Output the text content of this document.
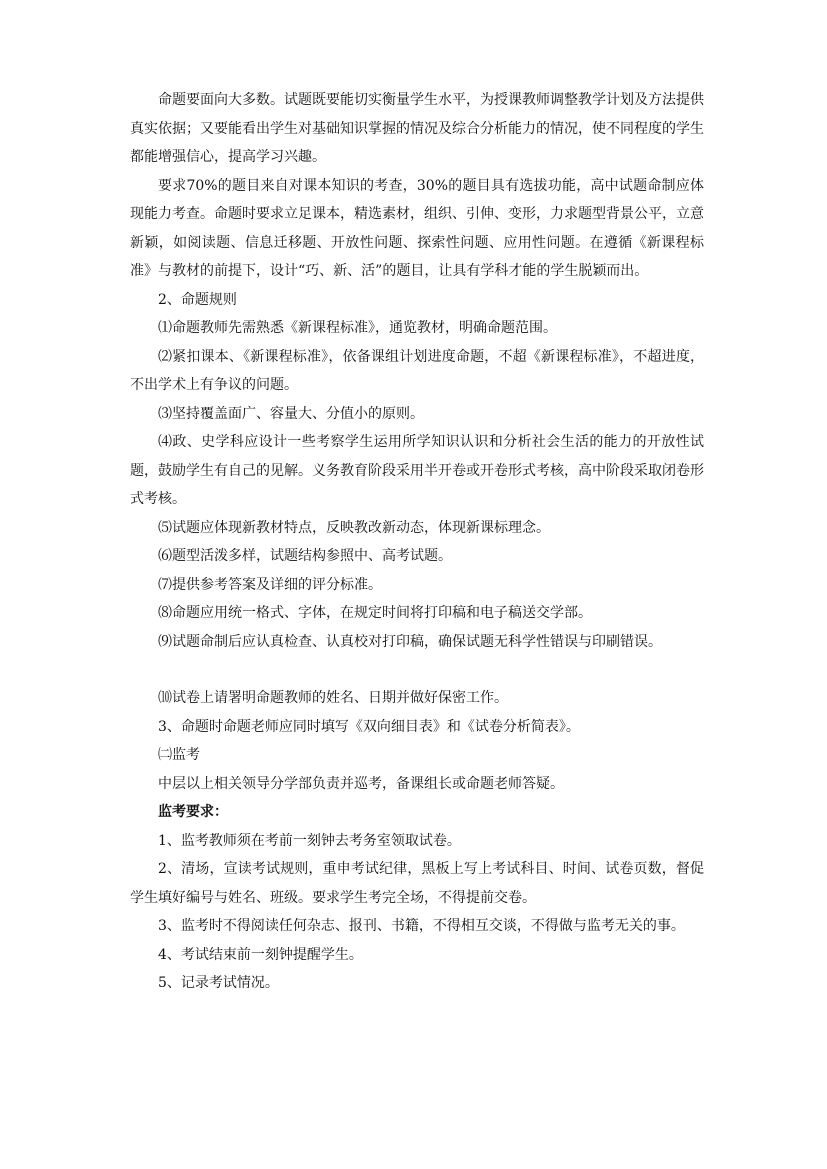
命题要面向大多数。试题既要能切实衡量学生水平，为授课教师调整教学计划及方法提供真实依据；又要能看出学生对基础知识掌握的情况及综合分析能力的情况，使不同程度的学生都能增强信心，提高学习兴趣。

要求70%的题目来自对课本知识的考查，30%的题目具有选拔功能，高中试题命制应体现能力考查。命题时要求立足课本，精选素材，组织、引伸、变形，力求题型背景公平，立意新颖，如阅读题、信息迁移题、开放性问题、探索性问题、应用性问题。在遵循《新课程标准》与教材的前提下，设计“巧、新、活”的题目，让具有学科才能的学生脱颖而出。

2、命题规则

⑴命题教师先需熟悉《新课程标准》，通览教材，明确命题范围。

⑵紧扣课本、《新课程标准》，依备课组计划进度命题，不超《新课程标准》，不超进度，不出学术上有争议的问题。

⑶坚持覆盖面广、容量大、分值小的原则。

⑷政、史学科应设计一些考察学生运用所学知识认识和分析社会生活的能力的开放性试题，鼓励学生有自己的见解。义务教育阶段采用半开卷或开卷形式考核，高中阶段采取闭卷形式考核。

⑸试题应体现新教材特点，反映教改新动态，体现新课标理念。

⑹题型活泼多样，试题结构参照中、高考试题。

⑺提供参考答案及详细的评分标准。

⑻命题应用统一格式、字体，在规定时间将打印稿和电子稿送交学部。

⑼试题命制后应认真检查、认真校对打印稿，确保试题无科学性错误与印刷错误。

⑽试卷上请署明命题教师的姓名、日期并做好保密工作。

3、命题时命题老师应同时填写《双向细目表》和《试卷分析简表》。

㈡监考

中层以上相关领导分学部负责并巡考，备课组长或命题老师答疑。

监考要求：

1、监考教师须在考前一刻钟去考务室领取试卷。

2、清场，宣读考试规则，重申考试纪律，黑板上写上考试科目、时间、试卷页数，督促学生填好编号与姓名、班级。要求学生考完全场，不得提前交卷。

3、监考时不得阅读任何杂志、报刊、书籍，不得相互交谈，不得做与监考无关的事。

4、考试结束前一刻钟提醒学生。

5、记录考试情况。
